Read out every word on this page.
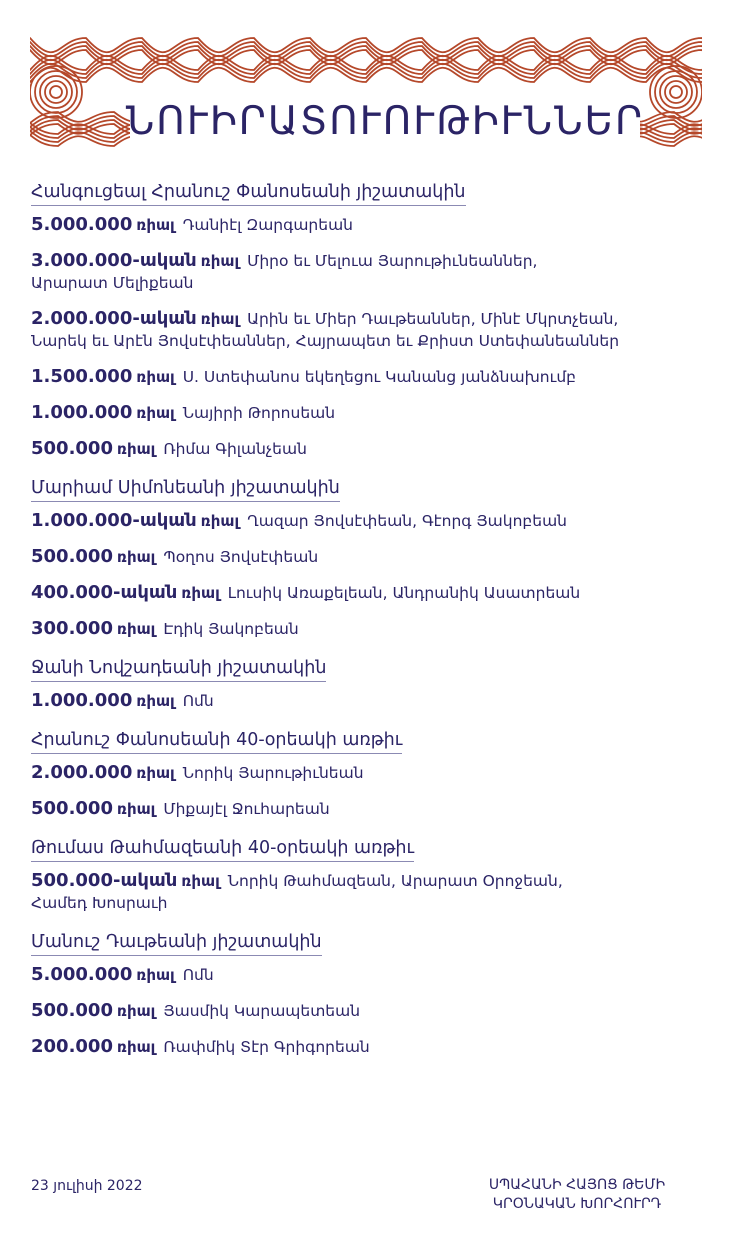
ՆՈՒԻՐԱՏՈՒՈՒԹԻՒՆՆԵՐ
Հանգուցեալ Հրանուշ Փանոսեանի յիշատակին
5.000.000 ռիալ Դանիէլ Զարգարեան
3.000.000-ական ռիալ Միրօ եւ Մելուա Յարութիւնեաններ,
Արարատ Մելիքեան
2.000.000-ական ռիալ Արին եւ Միեր Դաւթեաններ, Մինէ Մկրտչեան,
Նարեկ եւ Արէն Յովսէփեաններ, Հայրապետ եւ Քրիստ Ստեփանեաններ
1.500.000 ռիալ Ս. Ստեփանոս եկեղեցու Կանանց յանձնախումբ
1.000.000 ռիալ Նայիրի Թորոսեան
500.000 ռիալ Ռիմա Գիլանչեան
Մարիամ Սիմոնեանի յիշատակին
1.000.000-ական ռիալ Ղազար Յովսէփեան, Գէորգ Յակոբեան
500.000 ռիալ Պօղոս Յովսէփեան
400.000-ական ռիալ Լուսիկ Առաքելեան, Անդրանիկ Ասատրեան
300.000 ռիալ Էդիկ Յակոբեան
Ջանի Նովշադեանի յիշատակին
1.000.000 ռիալ Ոմն
Հրանուշ Փանոսեանի 40-օրեակի առթիւ
2.000.000 ռիալ Նորիկ Յարութիւնեան
500.000 ռիալ Միքայէլ Ջուհարեան
Թումաս Թահմազեանի 40-օրեակի առթիւ
500.000-ական ռիալ Նորիկ Թահմազեան, Արարատ Օրոջեան,
Համեդ Խոսրաւի
Մանուշ Դաւթեանի յիշատակին
5.000.000 ռիալ Ոմն
500.000 ռիալ Յասմիկ Կարապետեան
200.000 ռիալ Ռափմիկ Տէր Գրիգորեան
23 յուլիսի 2022	ՍՊԱՀԱՆԻ ՀԱՅՈՑ ԹԵՄԻ
ԿՐՕՆԱԿԱՆ ԽՈՐՀՈՒՐԴ
